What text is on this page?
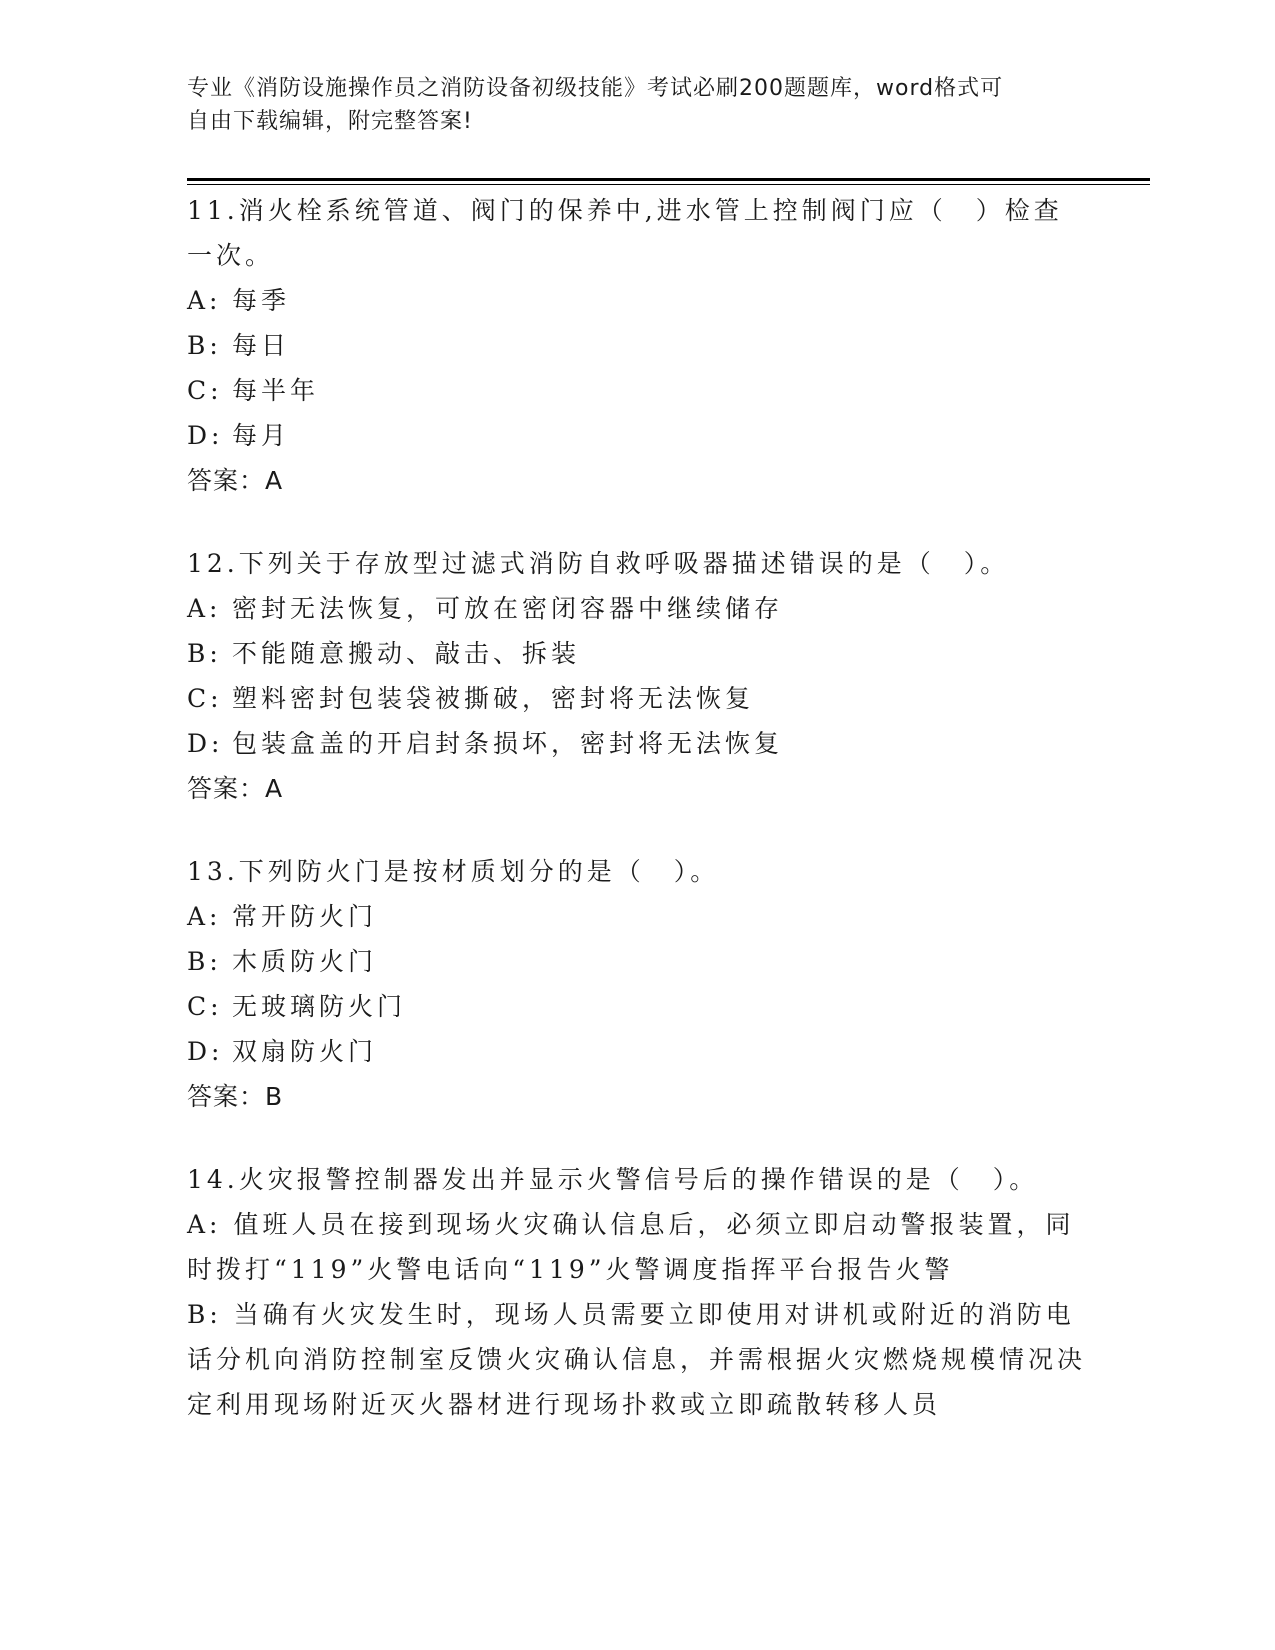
专业《消防设施操作员之消防设备初级技能》考试必刷200题题库，word格式可
自由下载编辑，附完整答案!
11.消火栓系统管道、阀门的保养中,进水管上控制阀门应（　）检查一次。
A: 每季
B: 每日
C: 每半年
D: 每月
答案：A
12.下列关于存放型过滤式消防自救呼吸器描述错误的是（　）。
A: 密封无法恢复，可放在密闭容器中继续储存
B: 不能随意搬动、敲击、拆装
C: 塑料密封包装袋被撕破，密封将无法恢复
D: 包装盒盖的开启封条损坏，密封将无法恢复
答案：A
13.下列防火门是按材质划分的是（　）。
A: 常开防火门
B: 木质防火门
C: 无玻璃防火门
D: 双扇防火门
答案：B
14.火灾报警控制器发出并显示火警信号后的操作错误的是（　）。
A: 值班人员在接到现场火灾确认信息后，必须立即启动警报装置，同时拨打“119”火警电话向“119”火警调度指挥平台报告火警
B: 当确有火灾发生时，现场人员需要立即使用对讲机或附近的消防电话分机向消防控制室反馈火灾确认信息，并需根据火灾燃烧规模情况决定利用现场附近灭火器材进行现场扑救或立即疏散转移人员
